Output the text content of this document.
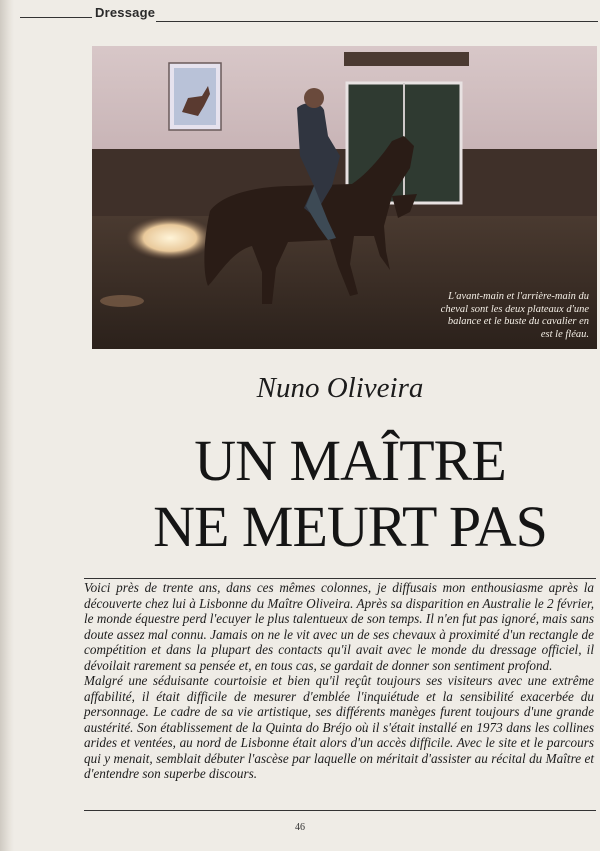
Dressage
L'avant-main et l'arrière-main du cheval sont les deux plateaux d'une balance et le buste du cavalier en est le fléau.
Nuno Oliveira
UN MAÎTRE
NE MEURT PAS

Voici près de trente ans, dans ces mêmes colonnes, je diffusais mon enthousiasme après la découverte chez lui à Lisbonne du Maître Oliveira. Après sa disparition en Australie le 2 février, le monde équestre perd l'ecuyer le plus talentueux de son temps. Il n'en fut pas ignoré, mais sans doute assez mal connu. Jamais on ne le vit avec un de ses chevaux à proximité d'un rectangle de compétition et dans la plupart des contacts qu'il avait avec le monde du dressage officiel, il dévoilait rarement sa pensée et, en tous cas, se gardait de donner son sentiment profond.

Malgré une séduisante courtoisie et bien qu'il reçût toujours ses visiteurs avec une extrême affabilité, il était difficile de mesurer d'emblée l'inquiétude et la sensibilité exacerbée du personnage. Le cadre de sa vie artistique, ses différents manèges furent toujours d'une grande austérité. Son établissement de la Quinta do Bréjo où il s'était installé en 1973 dans les collines arides et ventées, au nord de Lisbonne était alors d'un accès difficile. Avec le site et le parcours qui y menait, semblait débuter l'ascèse par laquelle on méritait d'assister au récital du Maître et d'entendre son superbe discours.

46
